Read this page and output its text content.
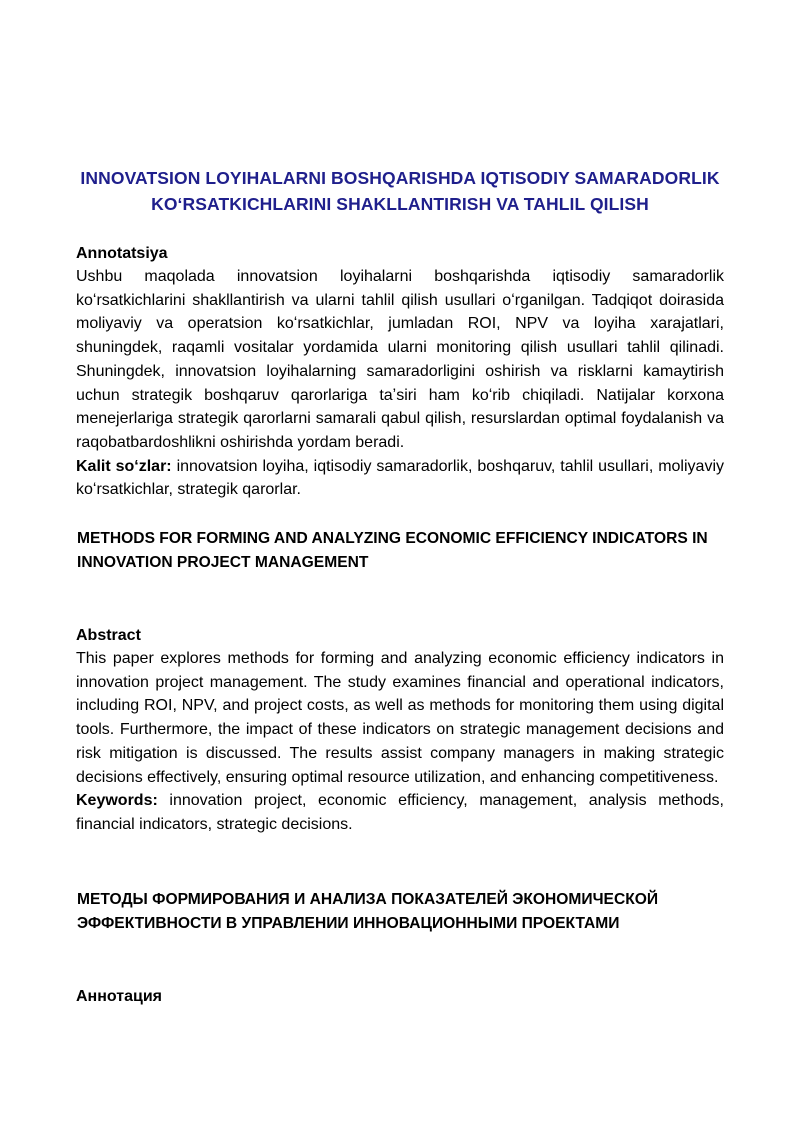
INNOVATSION LOYIHALARNI BOSHQARISHDA IQTISODIY SAMARADORLIK KOʻRSATKICHLARINI SHAKLLANTIRISH VA TAHLIL QILISH
Annotatsiya
Ushbu maqolada innovatsion loyihalarni boshqarishda iqtisodiy samaradorlik koʻrsatkichlarini shakllantirish va ularni tahlil qilish usullari oʻrganilgan. Tadqiqot doirasida moliyaviy va operatsion koʻrsatkichlar, jumladan ROI, NPV va loyiha xarajatlari, shuningdek, raqamli vositalar yordamida ularni monitoring qilish usullari tahlil qilinadi. Shuningdek, innovatsion loyihalarning samaradorligini oshirish va risklarni kamaytirish uchun strategik boshqaruv qarorlariga taʼsiri ham koʻrib chiqiladi. Natijalar korxona menejerlariga strategik qarorlarni samarali qabul qilish, resurslardan optimal foydalanish va raqobatbardoshlikni oshirishda yordam beradi.
Kalit soʻzlar: innovatsion loyiha, iqtisodiy samaradorlik, boshqaruv, tahlil usullari, moliyaviy koʻrsatkichlar, strategik qarorlar.
METHODS FOR FORMING AND ANALYZING ECONOMIC EFFICIENCY INDICATORS IN INNOVATION PROJECT MANAGEMENT
Abstract
This paper explores methods for forming and analyzing economic efficiency indicators in innovation project management. The study examines financial and operational indicators, including ROI, NPV, and project costs, as well as methods for monitoring them using digital tools. Furthermore, the impact of these indicators on strategic management decisions and risk mitigation is discussed. The results assist company managers in making strategic decisions effectively, ensuring optimal resource utilization, and enhancing competitiveness.
Keywords: innovation project, economic efficiency, management, analysis methods, financial indicators, strategic decisions.
МЕТОДЫ ФОРМИРОВАНИЯ И АНАЛИЗА ПОКАЗАТЕЛЕЙ ЭКОНОМИЧЕСКОЙ ЭФФЕКТИВНОСТИ В УПРАВЛЕНИИ ИННОВАЦИОННЫМИ ПРОЕКТАМИ
Аннотация
